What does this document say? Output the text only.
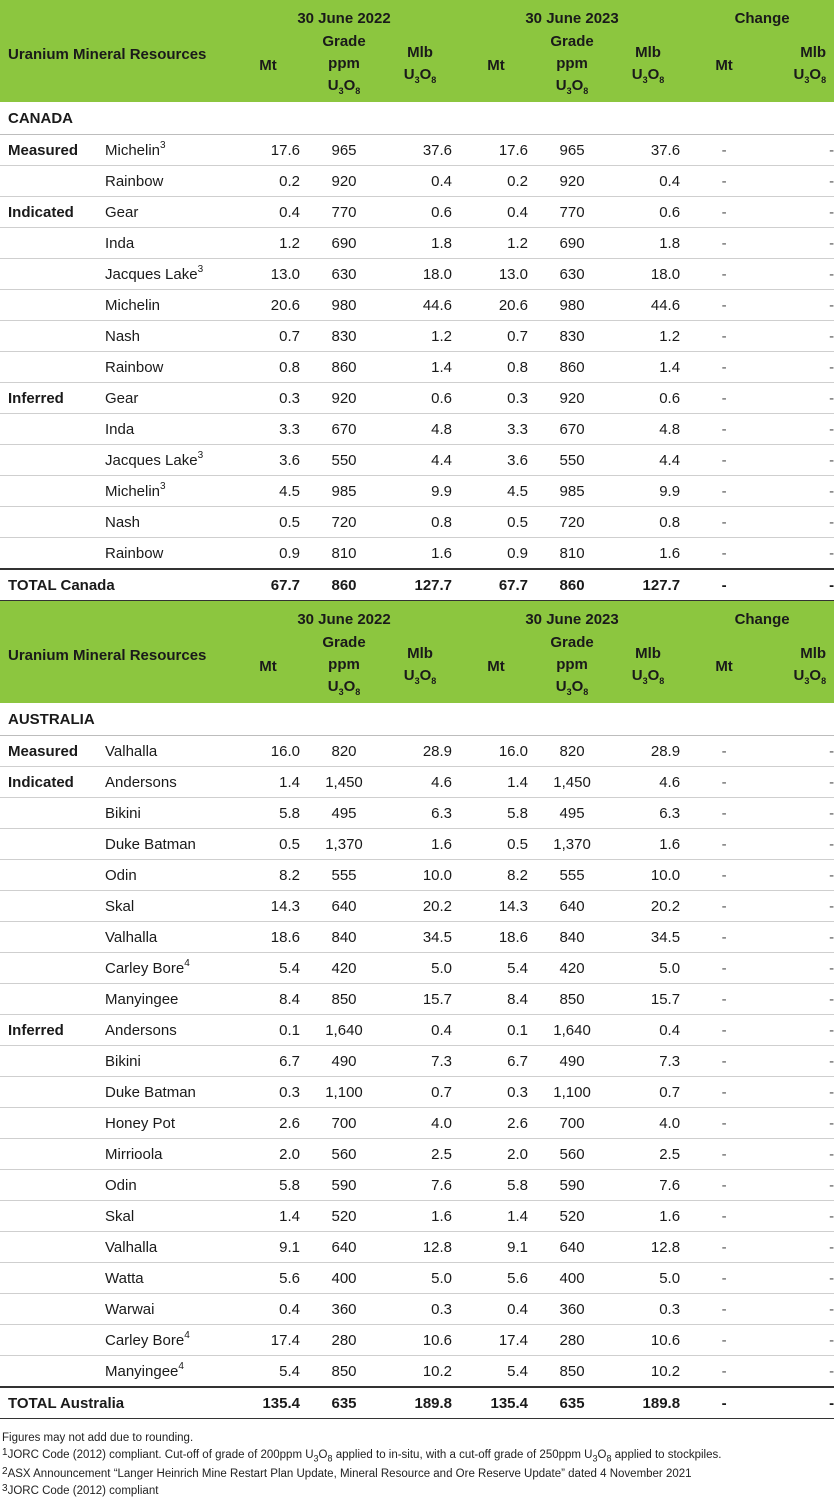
Uranium Mineral Resources		30 June 2022			30 June 2023			Change	
		Mt	Grade
ppm
$U_3O_8$	Mlb
$U_3O_8$	Mt	Grade
ppm
$U_3O_8$	Mlb
$U_3O_8$	Mt	Mlb
$U_3O_8$
CANADA									
Measured	Michelin$^3$	17.6	965	37.6	17.6	965	37.6	-	-
	Rainbow	0.2	920	0.4	0.2	920	0.4	-	-
Indicated	Gear	0.4	770	0.6	0.4	770	0.6	-	-
	Inda	1.2	690	1.8	1.2	690	1.8	-	-
	Jacques Lake$^3$	13.0	630	18.0	13.0	630	18.0	-	-
	Michelin	20.6	980	44.6	20.6	980	44.6	-	-
	Nash	0.7	830	1.2	0.7	830	1.2	-	-
	Rainbow	0.8	860	1.4	0.8	860	1.4	-	-
Inferred	Gear	0.3	920	0.6	0.3	920	0.6	-	-
	Inda	3.3	670	4.8	3.3	670	4.8	-	-
	Jacques Lake$^3$	3.6	550	4.4	3.6	550	4.4	-	-
	Michelin$^3$	4.5	985	9.9	4.5	985	9.9	-	-
	Nash	0.5	720	0.8	0.5	720	0.8	-	-
	Rainbow	0.9	810	1.6	0.9	810	1.6	-	-
TOTAL Canada		67.7	860	127.7	67.7	860	127.7	-	-
Uranium Mineral Resources		30 June 2022			30 June 2023			Change	
		Mt	Grade
ppm
$U_3O_8$	Mlb
$U_3O_8$	Mt	Grade
ppm
$U_3O_8$	Mlb
$U_3O_8$	Mt	Mlb
$U_3O_8$
AUSTRALIA									
Measured	Valhalla	16.0	820	28.9	16.0	820	28.9	-	-
Indicated	Andersons	1.4	1,450	4.6	1.4	1,450	4.6	-	-
	Bikini	5.8	495	6.3	5.8	495	6.3	-	-
	Duke Batman	0.5	1,370	1.6	0.5	1,370	1.6	-	-
	Odin	8.2	555	10.0	8.2	555	10.0	-	-
	Skal	14.3	640	20.2	14.3	640	20.2	-	-
	Valhalla	18.6	840	34.5	18.6	840	34.5	-	-
	Carley Bore$^4$	5.4	420	5.0	5.4	420	5.0	-	-
	Manyingee	8.4	850	15.7	8.4	850	15.7	-	-
Inferred	Andersons	0.1	1,640	0.4	0.1	1,640	0.4	-	-
	Bikini	6.7	490	7.3	6.7	490	7.3	-	-
	Duke Batman	0.3	1,100	0.7	0.3	1,100	0.7	-	-
	Honey Pot	2.6	700	4.0	2.6	700	4.0	-	-
	Mirrioola	2.0	560	2.5	2.0	560	2.5	-	-
	Odin	5.8	590	7.6	5.8	590	7.6	-	-
	Skal	1.4	520	1.6	1.4	520	1.6	-	-
	Valhalla	9.1	640	12.8	9.1	640	12.8	-	-
	Watta	5.6	400	5.0	5.6	400	5.0	-	-
	Warwai	0.4	360	0.3	0.4	360	0.3	-	-
	Carley Bore$^4$	17.4	280	10.6	17.4	280	10.6	-	-
	Manyingee$^4$	5.4	850	10.2	5.4	850	10.2	-	-
TOTAL Australia		135.4	635	189.8	135.4	635	189.8	-	-
Figures may not add due to rounding.
1JORC Code (2012) compliant. Cut-off of grade of 200ppm $U_3O_8$ applied to in-situ, with a cut-off grade of 250ppm $U_3O_8$ applied to stockpiles.
2ASX Announcement “Langer Heinrich Mine Restart Plan Update, Mineral Resource and Ore Reserve Update” dated 4 November 2021
3JORC Code (2012) compliant
